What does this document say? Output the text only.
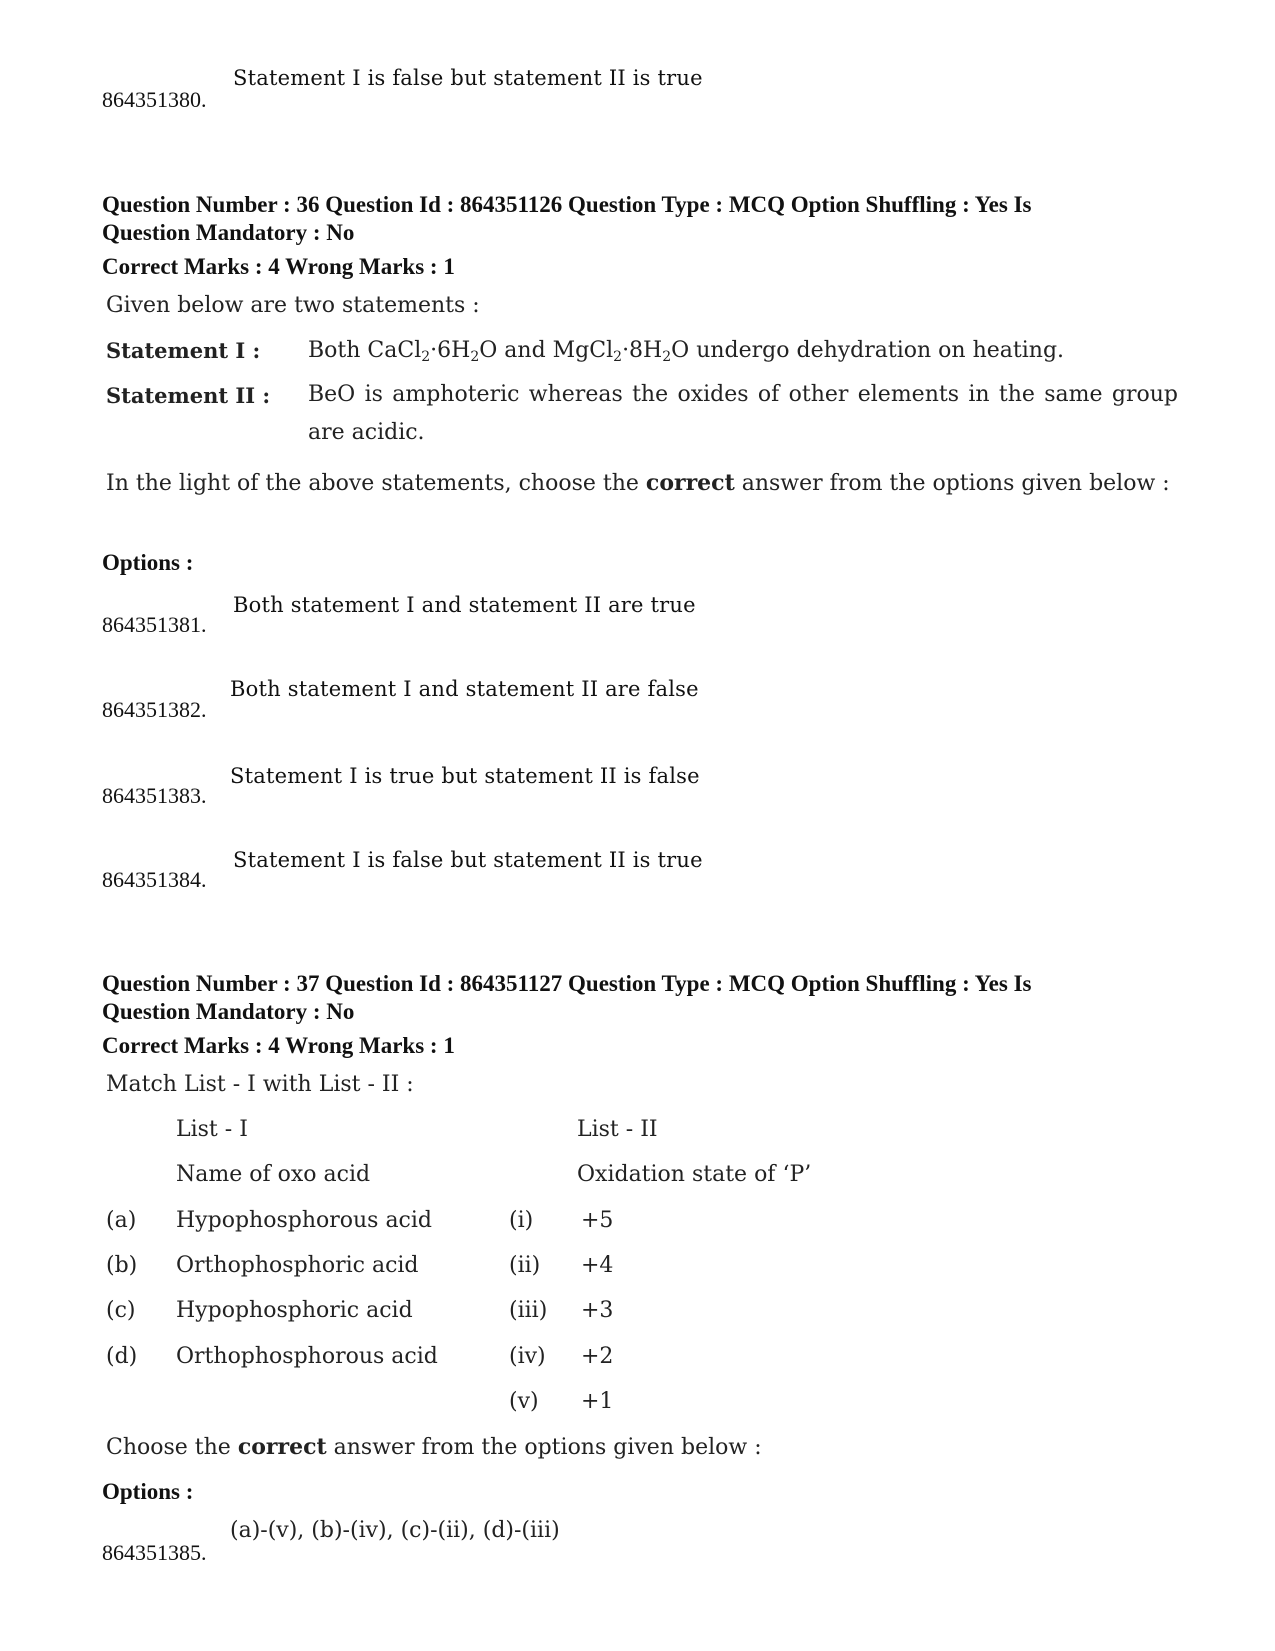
Statement I is false but statement II is true
864351380.
Question Number : 36 Question Id : 864351126 Question Type : MCQ Option Shuffling : Yes Is
Question Mandatory : No
Correct Marks : 4 Wrong Marks : 1
Given below are two statements :
Statement I : Both $CaCl_2\cdot 6H_2O$ and $MgCl_2\cdot 8H_2O$ undergo dehydration on heating.
Statement II : BeO is amphoteric whereas the oxides of other elements in the same group are acidic.
In the light of the above statements, choose the correct answer from the options given below :
Options :
Both statement I and statement II are true
864351381.
Both statement I and statement II are false
864351382.
Statement I is true but statement II is false
864351383.
Statement I is false but statement II is true
864351384.
Question Number : 37 Question Id : 864351127 Question Type : MCQ Option Shuffling : Yes Is
Question Mandatory : No
Correct Marks : 4 Wrong Marks : 1
Match List - I with List - II :
List - I	List - II
Name of oxo acid	Oxidation state of ‘P’
(a) Hypophosphorous acid	(i) +5
(b) Orthophosphoric acid	(ii) +4
(c) Hypophosphoric acid	(iii) +3
(d) Orthophosphorous acid	(iv) +2
(v) +1
Choose the correct answer from the options given below :
Options :
(a)-(v), (b)-(iv), (c)-(ii), (d)-(iii)
864351385.
